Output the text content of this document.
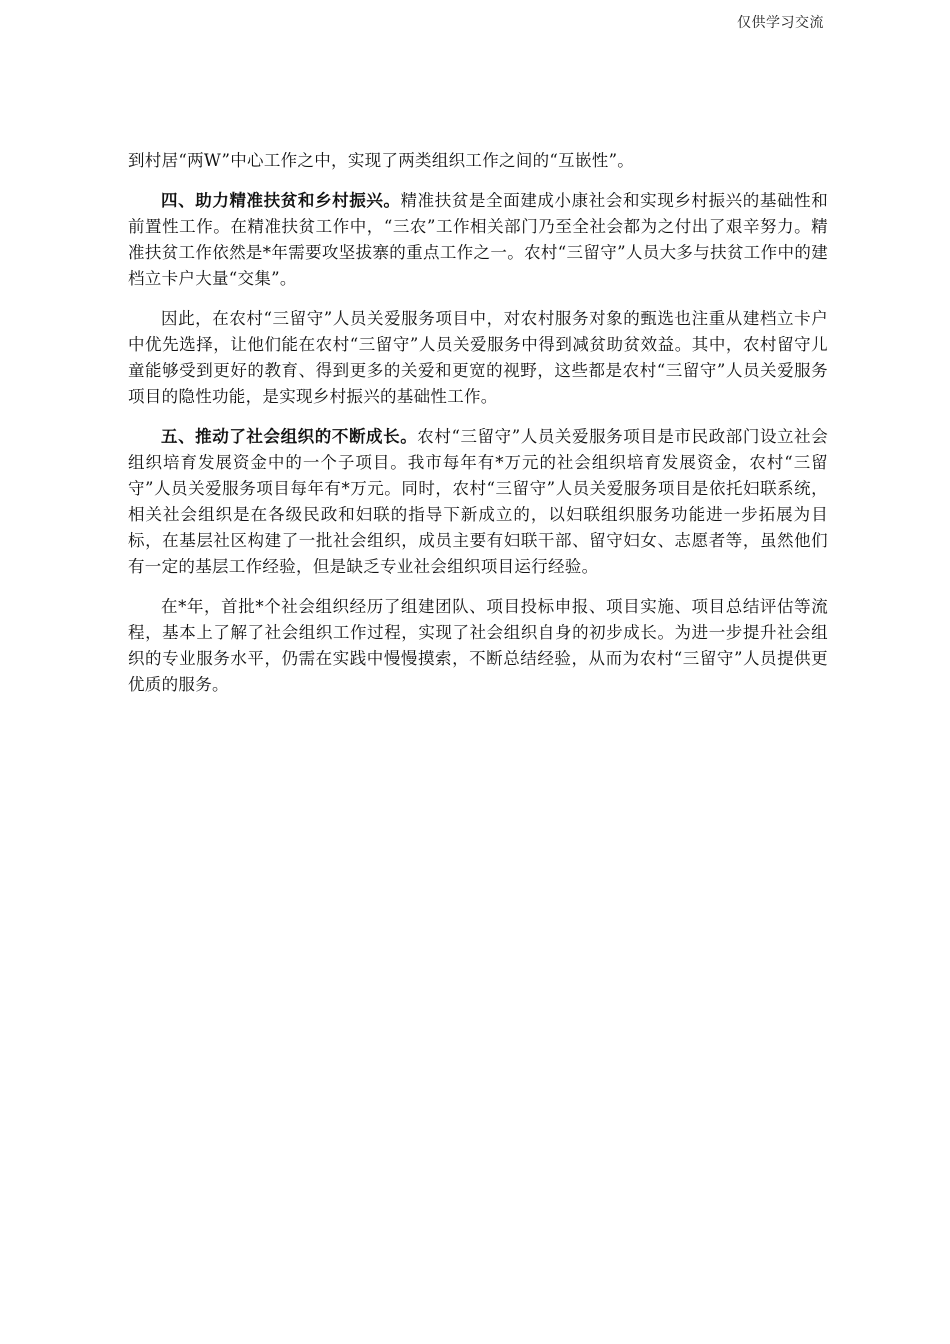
仅供学习交流

到村居“两W”中心工作之中，实现了两类组织工作之间的“互嵌性”。

四、助力精准扶贫和乡村振兴。精准扶贫是全面建成小康社会和实现乡村振兴的基础性和前置性工作。在精准扶贫工作中，“三农”工作相关部门乃至全社会都为之付出了艰辛努力。精准扶贫工作依然是*年需要攻坚拔寨的重点工作之一。农村“三留守”人员大多与扶贫工作中的建档立卡户大量“交集”。

因此，在农村“三留守”人员关爱服务项目中，对农村服务对象的甄选也注重从建档立卡户中优先选择，让他们能在农村“三留守”人员关爱服务中得到减贫助贫效益。其中，农村留守儿童能够受到更好的教育、得到更多的关爱和更宽的视野，这些都是农村“三留守”人员关爱服务项目的隐性功能，是实现乡村振兴的基础性工作。

五、推动了社会组织的不断成长。农村“三留守”人员关爱服务项目是市民政部门设立社会组织培育发展资金中的一个子项目。我市每年有*万元的社会组织培育发展资金，农村“三留守”人员关爱服务项目每年有*万元。同时，农村“三留守”人员关爱服务项目是依托妇联系统，相关社会组织是在各级民政和妇联的指导下新成立的，以妇联组织服务功能进一步拓展为目标，在基层社区构建了一批社会组织，成员主要有妇联干部、留守妇女、志愿者等，虽然他们有一定的基层工作经验，但是缺乏专业社会组织项目运行经验。

在*年，首批*个社会组织经历了组建团队、项目投标申报、项目实施、项目总结评估等流程，基本上了解了社会组织工作过程，实现了社会组织自身的初步成长。为进一步提升社会组织的专业服务水平，仍需在实践中慢慢摸索，不断总结经验，从而为农村“三留守”人员提供更优质的服务。
